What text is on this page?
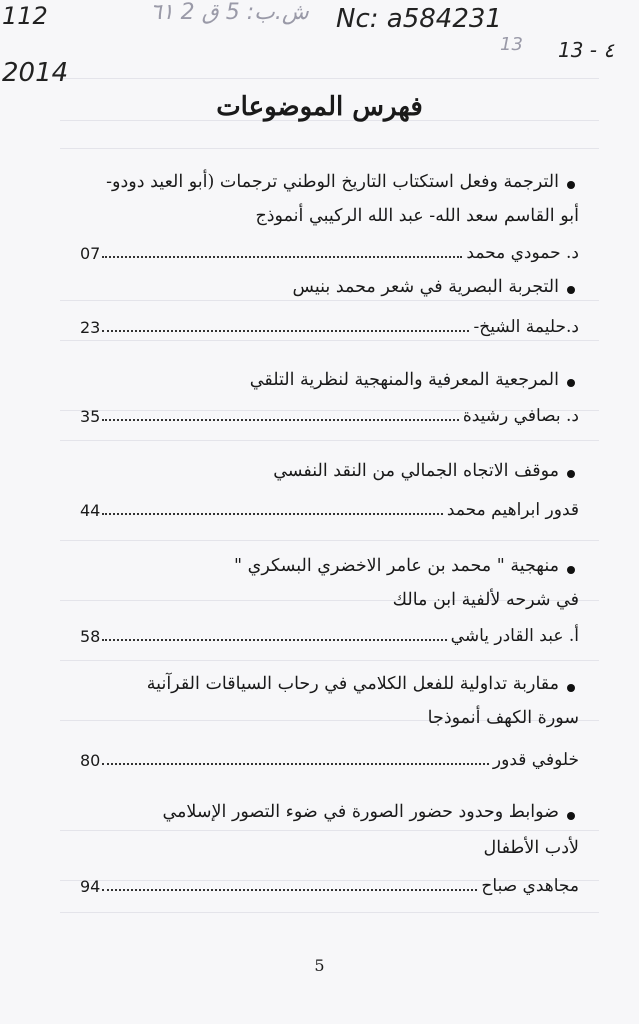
112
2014
Nc: a584231
13 - ٤
ش.ب: 5 ق 2 ٦١
13
فهرس الموضوعات
الترجمة وفعل استكتاب التاريخ الوطني ترجمات (أبو العيد دودو-
أبو القاسم سعد الله- عبد الله الركيبي أنموذج
د. حمودي محمد
07
التجربة البصرية في شعر محمد بنيس
د.حليمة الشيخ-
23
المرجعية المعرفية والمنهجية لنظرية التلقي
د. بصافي رشيدة
35
موقف الاتجاه الجمالي من النقد النفسي
قدور ابراهيم محمد
44
منهجية " محمد بن عامر الاخضري البسكري "
في شرحه لألفية ابن مالك
أ. عبد القادر ياشي
58
مقاربة تداولية للفعل الكلامي في رحاب السياقات القرآنية
سورة الكهف أنموذجا
خلوفي قدور
80
ضوابط وحدود حضور الصورة في ضوء التصور الإسلامي
لأدب الأطفال
مجاهدي صباح
94
5
